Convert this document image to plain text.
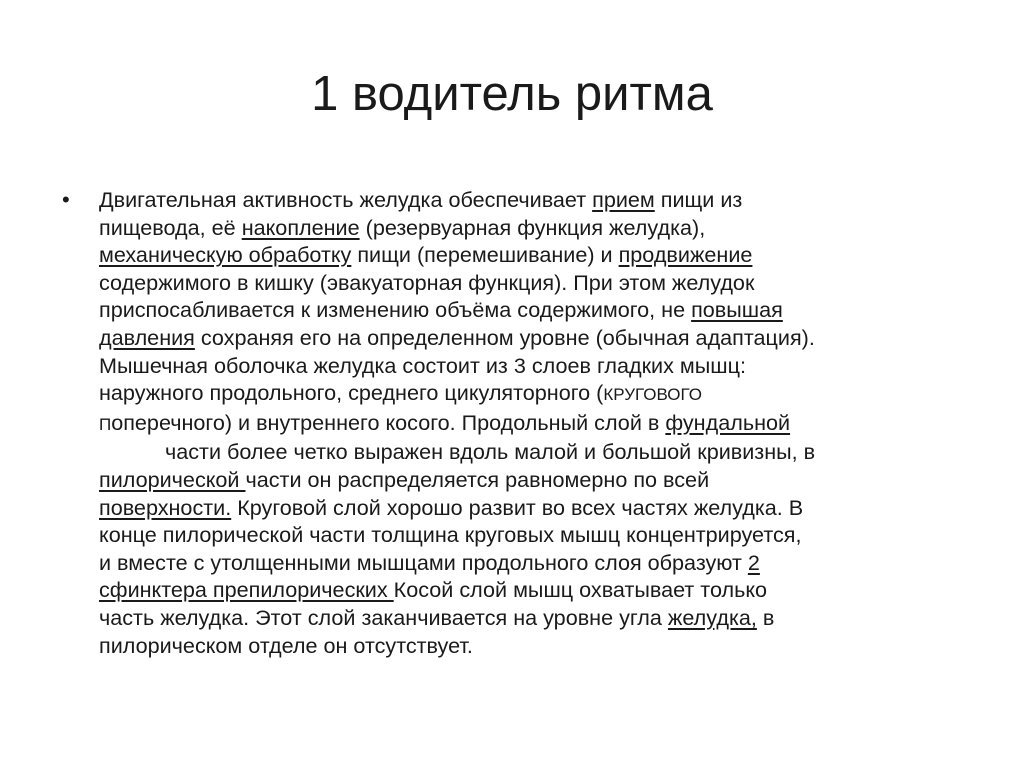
1 водитель ритма
• Двигательная активность желудка обеспечивает прием пищи из
пищевода, её накопление (резервуарная функция желудка),
механическую обработку пищи (перемешивание) и продвижение
содержимого в кишку (эвакуаторная функция). При этом желудок
приспосабливается к изменению объёма содержимого, не повышая
давления сохраняя его на определенном уровне (обычная адаптация).
Мышечная оболочка желудка состоит из 3 слоев гладких мышц:
наружного продольного, среднего цикуляторного (КРУГОВОГО
Поперечного) и внутреннего косого. Продольный слой в фундальной
части более четко выражен вдоль малой и большой кривизны, в
пилорической части он распределяется равномерно по всей
поверхности. Круговой слой хорошо развит во всех частях желудка. В
конце пилорической части толщина круговых мышц концентрируется,
и вместе с утолщенными мышцами продольного слоя образуют 2
сфинктера препилорических Косой слой мышц охватывает только
часть желудка. Этот слой заканчивается на уровне угла желудка, в
пилорическом отделе он отсутствует.
